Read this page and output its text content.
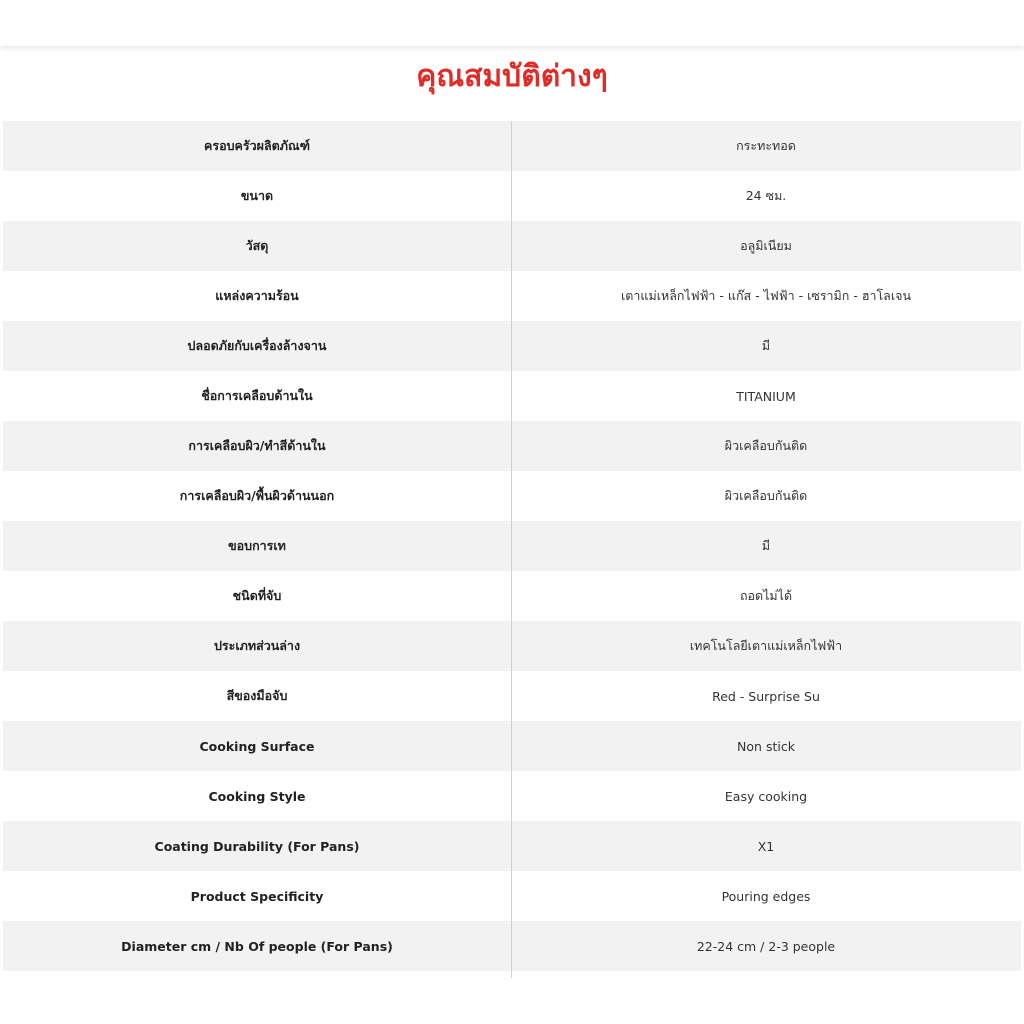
คุณสมบัติต่างๆ
ครอบครัวผลิตภัณฑ์	กระทะทอด
ขนาด	24 ซม.
วัสดุ	อลูมิเนียม
แหล่งความร้อน	เตาแม่เหล็กไฟฟ้า - แก๊ส - ไฟฟ้า - เซรามิก - ฮาโลเจน
ปลอดภัยกับเครื่องล้างจาน	มี
ชื่อการเคลือบด้านใน	TITANIUM
การเคลือบผิว/ทำสีด้านใน	ผิวเคลือบกันติด
การเคลือบผิว/พื้นผิวด้านนอก	ผิวเคลือบกันติด
ขอบการเท	มี
ชนิดที่จับ	ถอดไม่ได้
ประเภทส่วนล่าง	เทคโนโลยีเตาแม่เหล็กไฟฟ้า
สีของมือจับ	Red - Surprise Su
Cooking Surface	Non stick
Cooking Style	Easy cooking
Coating Durability (For Pans)	X1
Product Specificity	Pouring edges
Diameter cm / Nb Of people (For Pans)	22-24 cm / 2-3 people
